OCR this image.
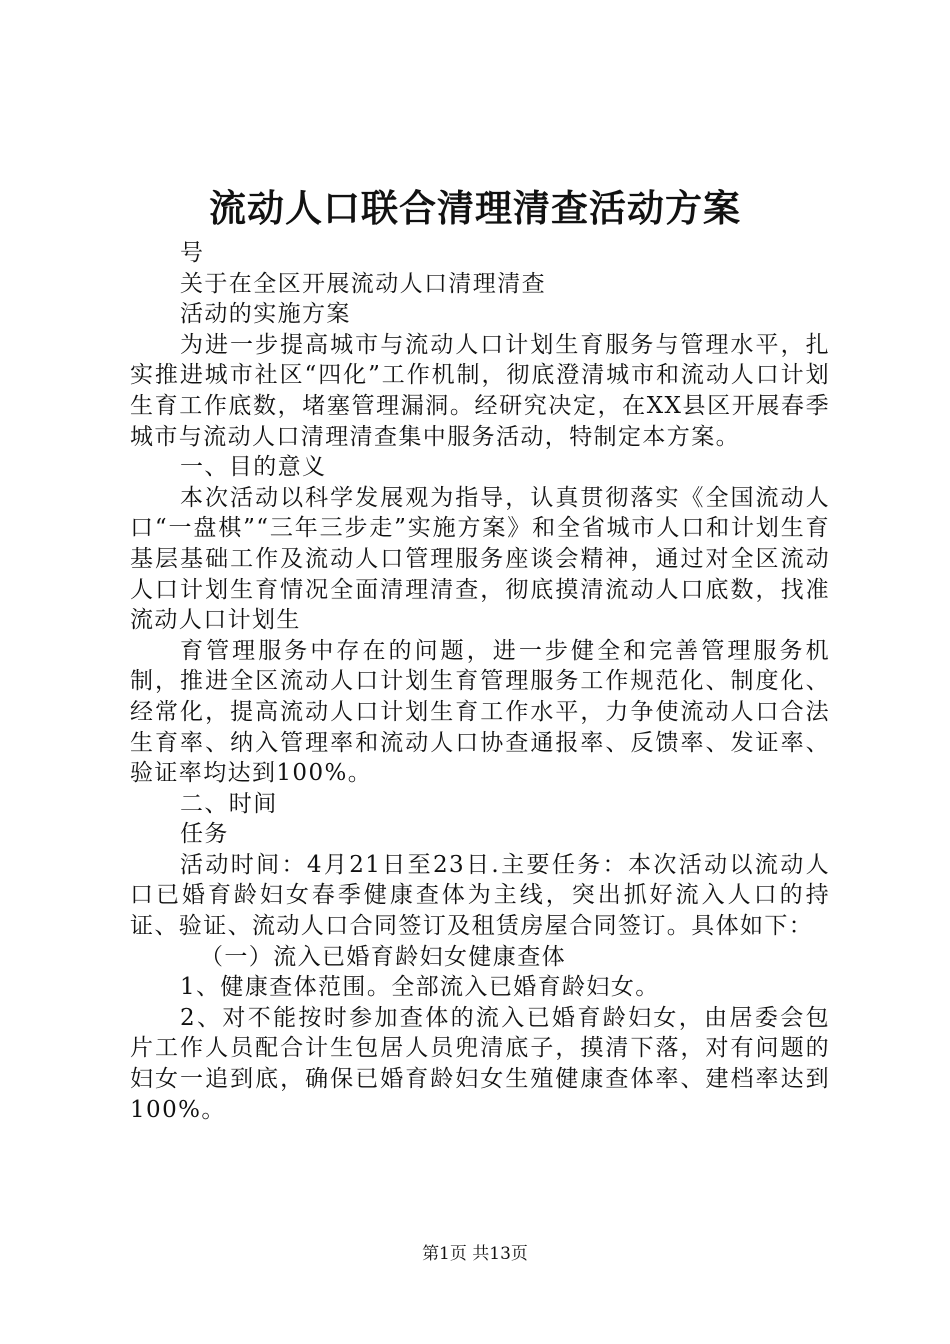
流动人口联合清理清查活动方案

号

关于在全区开展流动人口清理清查

活动的实施方案

为进一步提高城市与流动人口计划生育服务与管理水平，扎实推进城市社区“四化”工作机制，彻底澄清城市和流动人口计划生育工作底数，堵塞管理漏洞。经研究决定，在XX县区开展春季城市与流动人口清理清查集中服务活动，特制定本方案。

一、目的意义

本次活动以科学发展观为指导，认真贯彻落实《全国流动人口“一盘棋”“三年三步走”实施方案》和全省城市人口和计划生育基层基础工作及流动人口管理服务座谈会精神，通过对全区流动人口计划生育情况全面清理清查，彻底摸清流动人口底数，找准流动人口计划生

育管理服务中存在的问题，进一步健全和完善管理服务机制，推进全区流动人口计划生育管理服务工作规范化、制度化、经常化，提高流动人口计划生育工作水平，力争使流动人口合法生育率、纳入管理率和流动人口协查通报率、反馈率、发证率、验证率均达到100%。

二、时间

任务

活动时间：4月21日至23日.主要任务：本次活动以流动人口已婚育龄妇女春季健康查体为主线，突出抓好流入人口的持证、验证、流动人口合同签订及租赁房屋合同签订。具体如下：

（一）流入已婚育龄妇女健康查体

1、健康查体范围。全部流入已婚育龄妇女。

2、对不能按时参加查体的流入已婚育龄妇女，由居委会包片工作人员配合计生包居人员兜清底子，摸清下落，对有问题的妇女一追到底，确保已婚育龄妇女生殖健康查体率、建档率达到100%。

第1页 共13页
